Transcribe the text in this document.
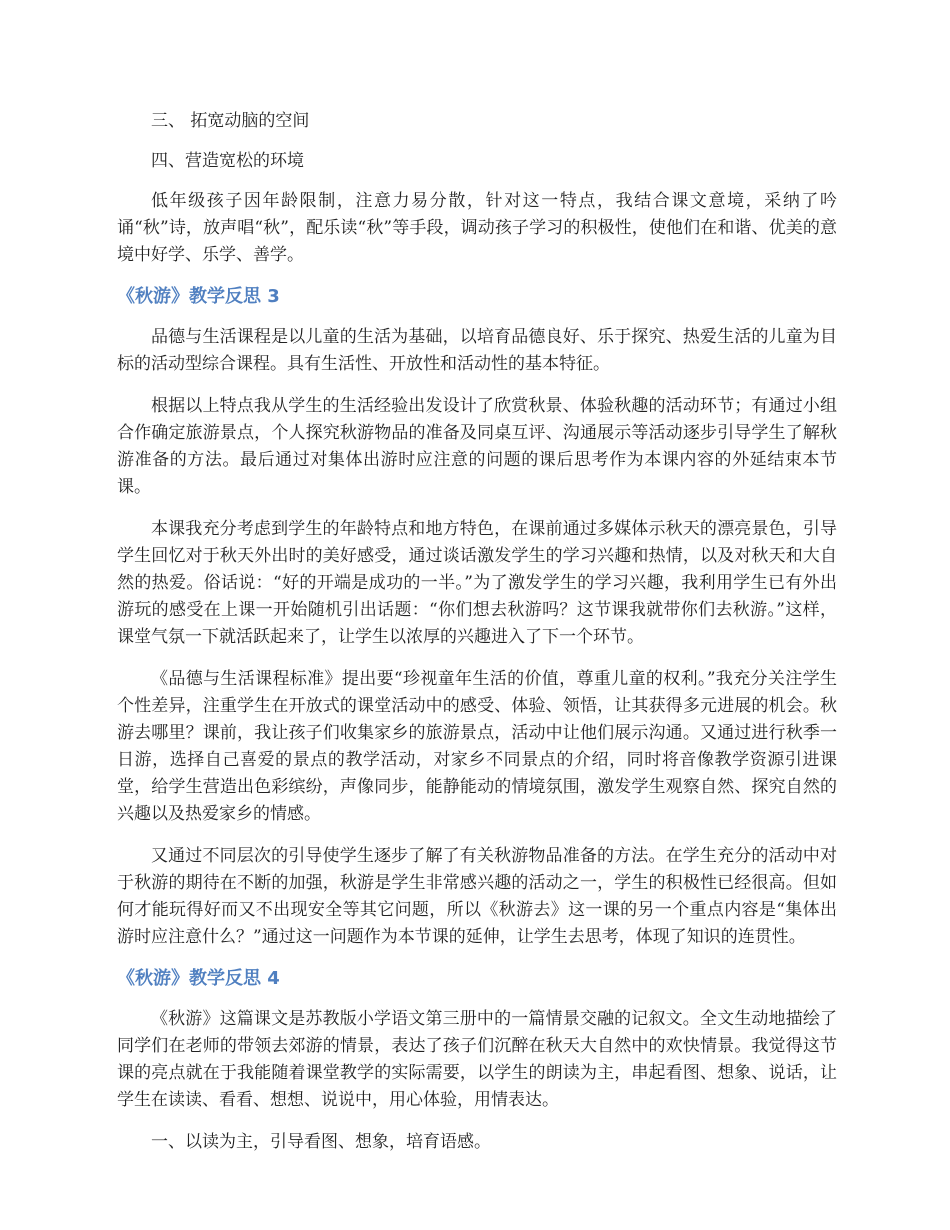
三、 拓宽动脑的空间

四、营造宽松的环境

低年级孩子因年龄限制，注意力易分散，针对这一特点，我结合课文意境，采纳了吟诵“秋”诗，放声唱“秋”，配乐读“秋”等手段，调动孩子学习的积极性，使他们在和谐、优美的意境中好学、乐学、善学。

《秋游》教学反思 3

品德与生活课程是以儿童的生活为基础，以培育品德良好、乐于探究、热爱生活的儿童为目标的活动型综合课程。具有生活性、开放性和活动性的基本特征。

根据以上特点我从学生的生活经验出发设计了欣赏秋景、体验秋趣的活动环节；有通过小组合作确定旅游景点，个人探究秋游物品的准备及同桌互评、沟通展示等活动逐步引导学生了解秋游准备的方法。最后通过对集体出游时应注意的问题的课后思考作为本课内容的外延结束本节课。

本课我充分考虑到学生的年龄特点和地方特色，在课前通过多媒体示秋天的漂亮景色，引导学生回忆对于秋天外出时的美好感受，通过谈话激发学生的学习兴趣和热情，以及对秋天和大自然的热爱。俗话说：“好的开端是成功的一半。”为了激发学生的学习兴趣，我利用学生已有外出游玩的感受在上课一开始随机引出话题：“你们想去秋游吗？这节课我就带你们去秋游。”这样，课堂气氛一下就活跃起来了，让学生以浓厚的兴趣进入了下一个环节。

《品德与生活课程标准》提出要“珍视童年生活的价值，尊重儿童的权利。”我充分关注学生个性差异，注重学生在开放式的课堂活动中的感受、体验、领悟，让其获得多元进展的机会。秋游去哪里？课前，我让孩子们收集家乡的旅游景点，活动中让他们展示沟通。又通过进行秋季一日游，选择自己喜爱的景点的教学活动，对家乡不同景点的介绍，同时将音像教学资源引进课堂，给学生营造出色彩缤纷，声像同步，能静能动的情境氛围，激发学生观察自然、探究自然的兴趣以及热爱家乡的情感。

又通过不同层次的引导使学生逐步了解了有关秋游物品准备的方法。在学生充分的活动中对于秋游的期待在不断的加强，秋游是学生非常感兴趣的活动之一，学生的积极性已经很高。但如何才能玩得好而又不出现安全等其它问题，所以《秋游去》这一课的另一个重点内容是“集体出游时应注意什么？”通过这一问题作为本节课的延伸，让学生去思考，体现了知识的连贯性。

《秋游》教学反思 4

《秋游》这篇课文是苏教版小学语文第三册中的一篇情景交融的记叙文。全文生动地描绘了同学们在老师的带领去郊游的情景，表达了孩子们沉醉在秋天大自然中的欢快情景。我觉得这节课的亮点就在于我能随着课堂教学的实际需要，以学生的朗读为主，串起看图、想象、说话，让学生在读读、看看、想想、说说中，用心体验，用情表达。

一、以读为主，引导看图、想象，培育语感。
